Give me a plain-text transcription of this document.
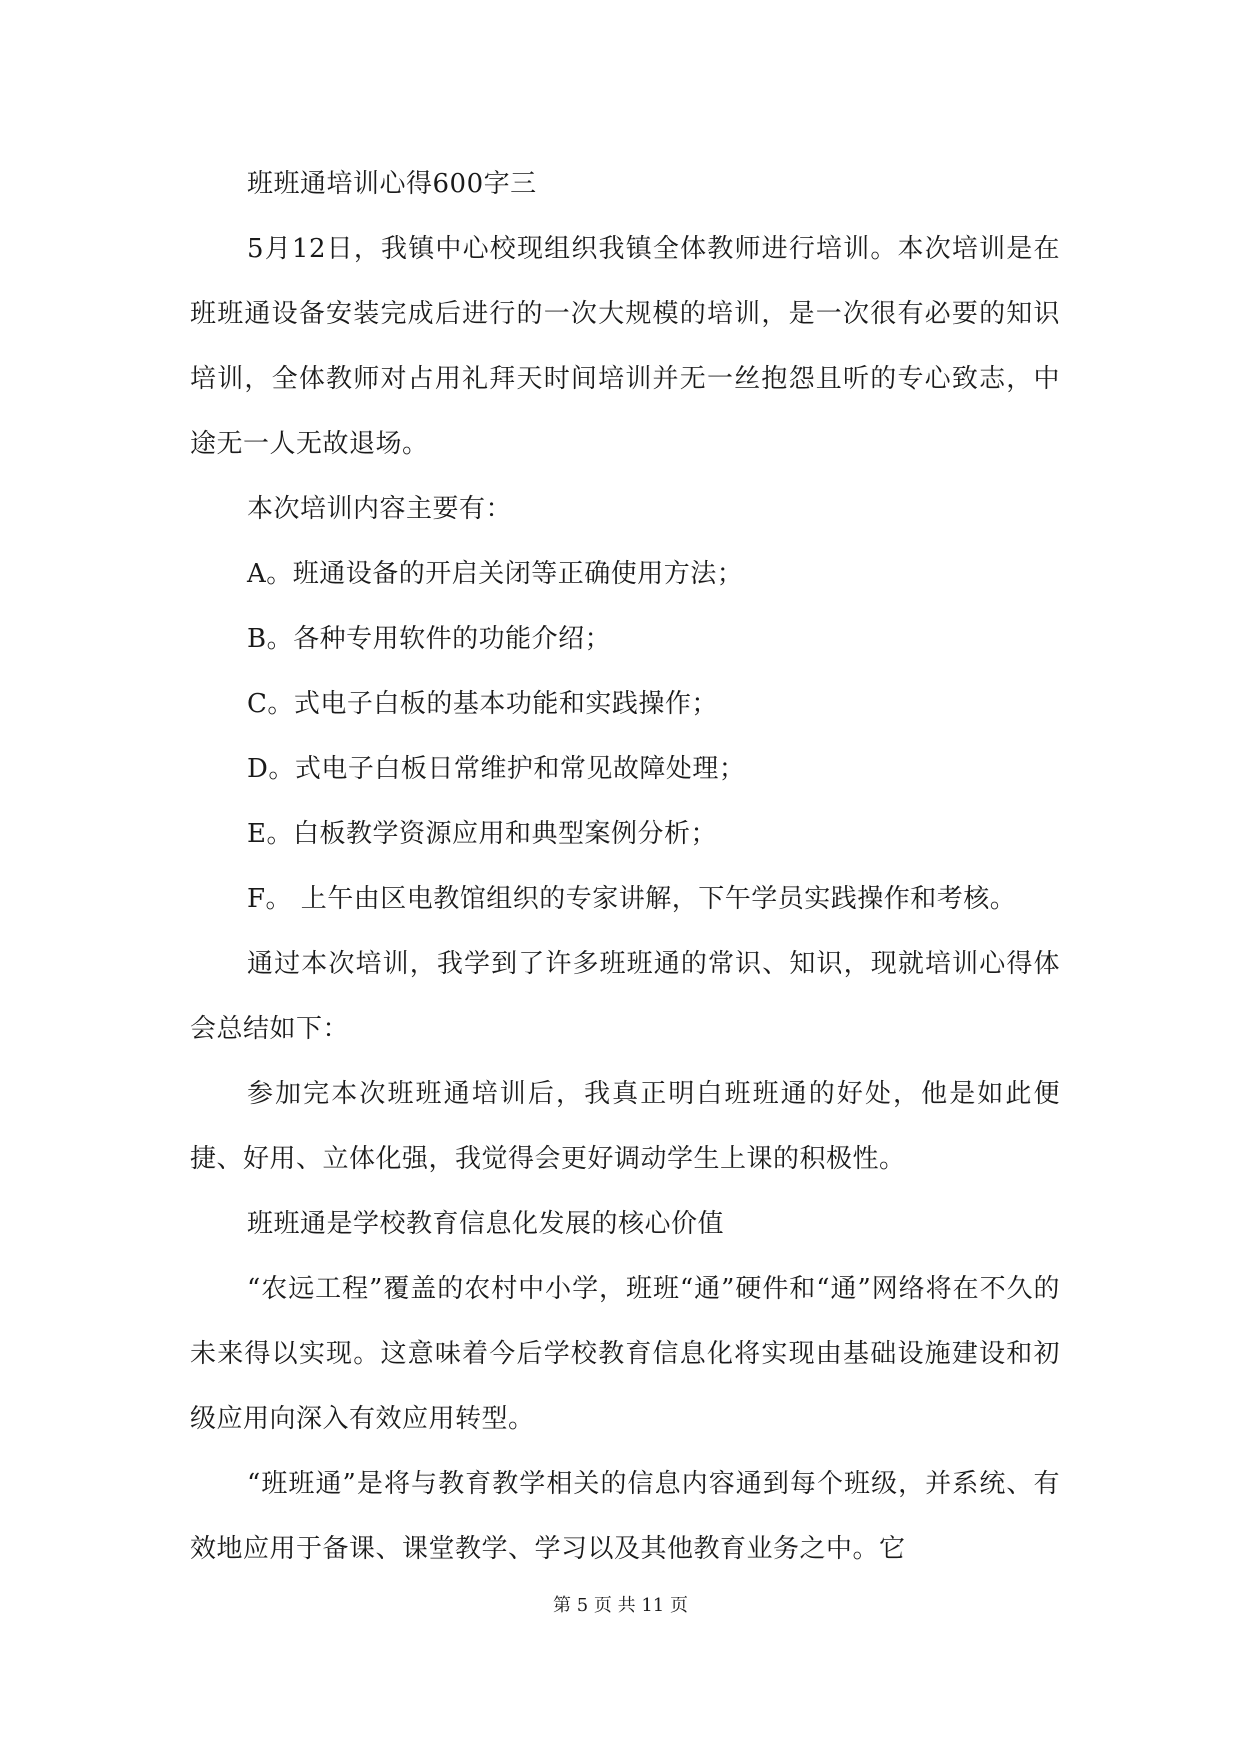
班班通培训心得600字三

5月12日，我镇中心校现组织我镇全体教师进行培训。本次培训是在班班通设备安装完成后进行的一次大规模的培训，是一次很有必要的知识培训，全体教师对占用礼拜天时间培训并无一丝抱怨且听的专心致志，中途无一人无故退场。

本次培训内容主要有：

A。班通设备的开启关闭等正确使用方法；

B。各种专用软件的功能介绍；

C。式电子白板的基本功能和实践操作；

D。式电子白板日常维护和常见故障处理；

E。白板教学资源应用和典型案例分析；

F。 上午由区电教馆组织的专家讲解，下午学员实践操作和考核。

通过本次培训，我学到了许多班班通的常识、知识，现就培训心得体会总结如下：

参加完本次班班通培训后，我真正明白班班通的好处，他是如此便捷、好用、立体化强，我觉得会更好调动学生上课的积极性。

班班通是学校教育信息化发展的核心价值

“农远工程”覆盖的农村中小学，班班“通”硬件和“通”网络将在不久的未来得以实现。这意味着今后学校教育信息化将实现由基础设施建设和初级应用向深入有效应用转型。

“班班通”是将与教育教学相关的信息内容通到每个班级，并系统、有效地应用于备课、课堂教学、学习以及其他教育业务之中。它

第 5 页 共 11 页
